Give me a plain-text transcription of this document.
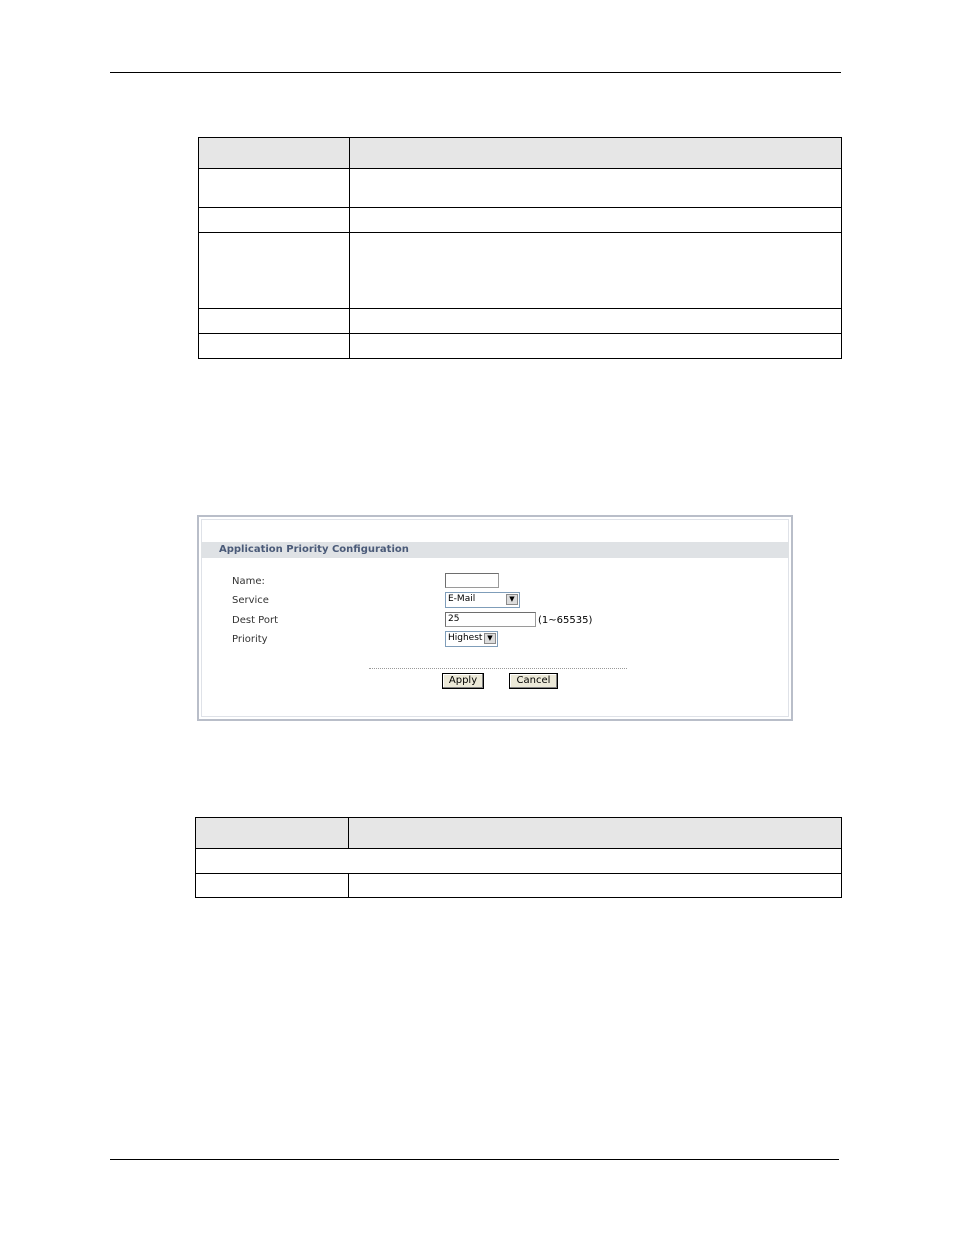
Application Priority Configuration
Name:
Service	E-Mail	▼
Dest Port	25	(1~65535)
Priority	Highest ▼
Apply	Cancel
